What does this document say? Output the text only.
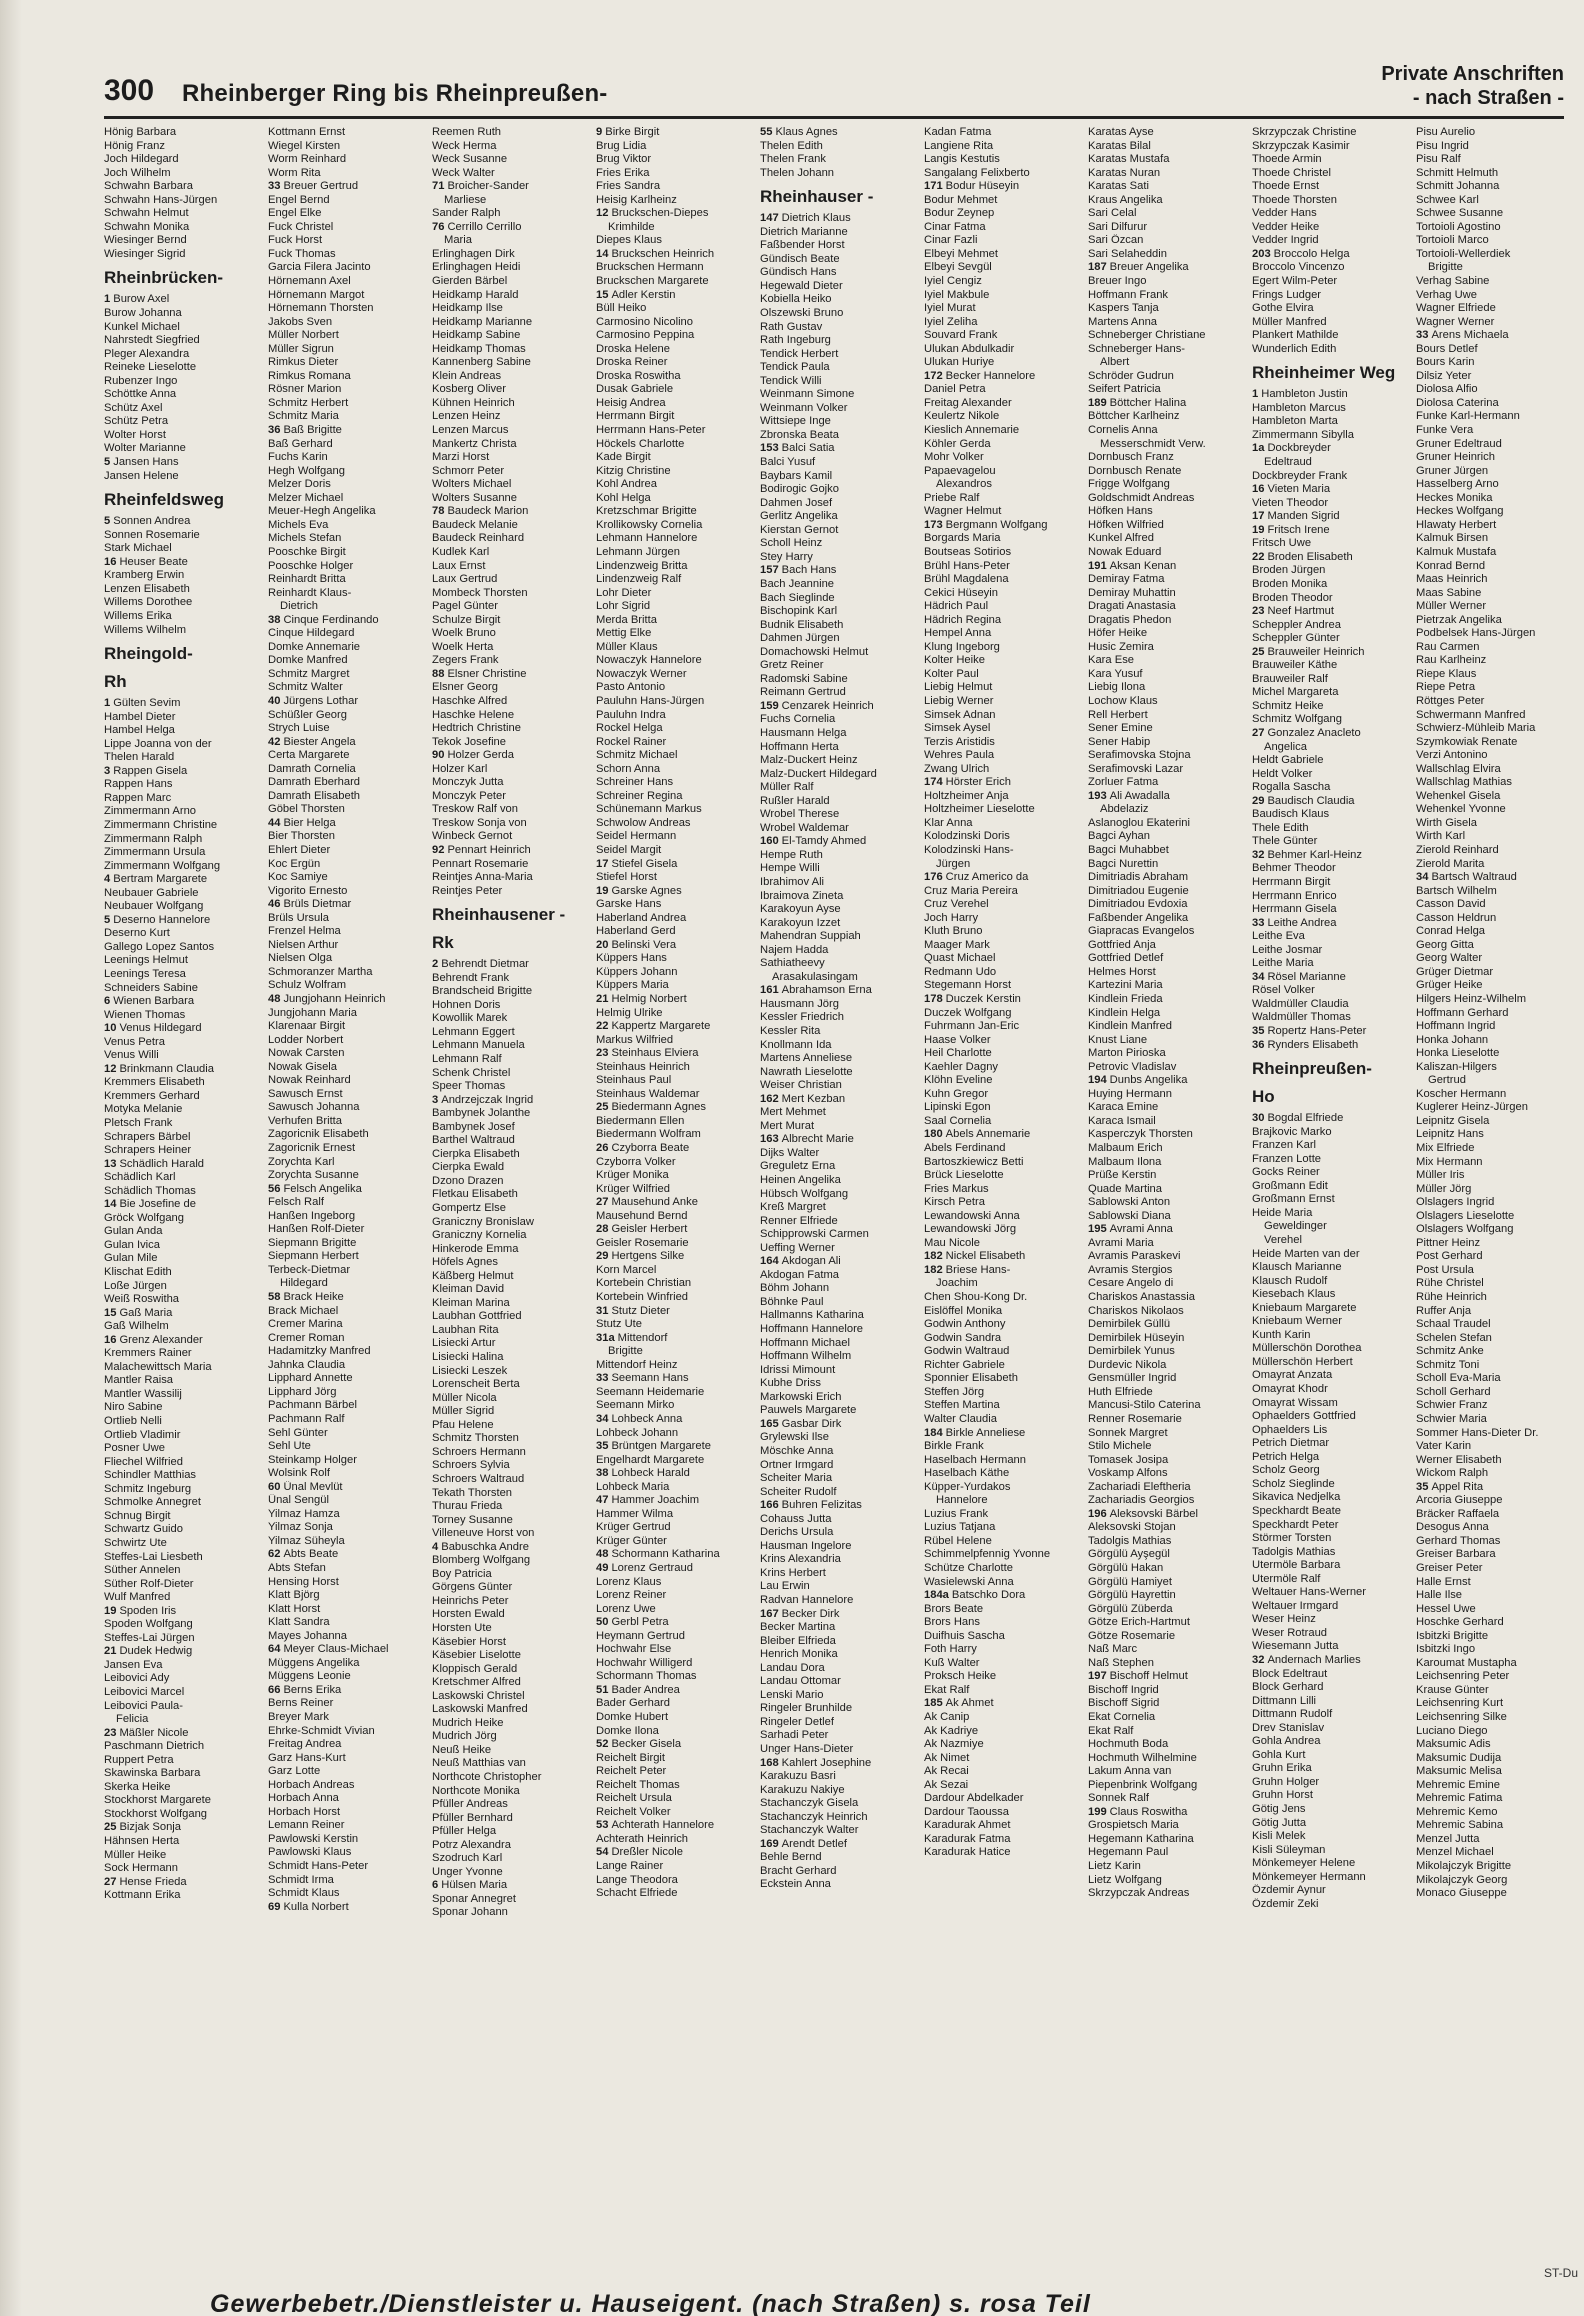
300 Rheinberger Ring bis Rheinpreußen-
Private Anschriften
- nach Straßen -
Hönig Barbara
Hönig Franz
Joch Hildegard
Joch Wilhelm
Schwahn Barbara
Schwahn Hans-Jürgen
Schwahn Helmut
Schwahn Monika
Wiesinger Bernd
Wiesinger Sigrid
Rheinbrücken-
1 Burow Axel
Burow Johanna
Kunkel Michael
Nahrstedt Siegfried
Pleger Alexandra
Reineke Lieselotte
Rubenzer Ingo
Schöttke Anna
Schütz Axel
Schütz Petra
Wolter Horst
Wolter Marianne
5 Jansen Hans
Jansen Helene
Rheinfeldsweg
5 Sonnen Andrea
Sonnen Rosemarie
Stark Michael
16 Heuser Beate
Kramberg Erwin
Lenzen Elisabeth
Willems Dorothee
Willems Erika
Willems Wilhelm
Rheingold-
Rh
1 Gülten Sevim
Hambel Dieter
Hambel Helga
Lippe Joanna von der
Thelen Harald
3 Rappen Gisela
Rappen Hans
Rappen Marc
Zimmermann Arno
Zimmermann Christine
Zimmermann Ralph
Zimmermann Ursula
Zimmermann Wolfgang
4 Bertram Margarete
Neubauer Gabriele
Neubauer Wolfgang
5 Deserno Hannelore
Deserno Kurt
Gallego Lopez Santos
Leenings Helmut
Leenings Teresa
Schneiders Sabine
6 Wienen Barbara
Wienen Thomas
10 Venus Hildegard
Venus Petra
Venus Willi
12 Brinkmann Claudia
Kremmers Elisabeth
Kremmers Gerhard
Motyka Melanie
Pletsch Frank
Schrapers Bärbel
Schrapers Heiner
13 Schädlich Harald
Schädlich Karl
Schädlich Thomas
14 Bie Josefine de
Gröck Wolfgang
Gulan Anda
Gulan Ivica
Gulan Mile
Klischat Edith
Loße Jürgen
Weiß Roswitha
15 Gaß Maria
Gaß Wilhelm
16 Grenz Alexander
Kremmers Rainer
Malachewittsch Maria
Mantler Raisa
Mantler Wassilij
Niro Sabine
Ortlieb Nelli
Ortlieb Vladimir
Posner Uwe
Fliechel Wilfried
Schindler Matthias
Schmitz Ingeburg
Schmolke Annegret
Schnug Birgit
Schwartz Guido
Schwirtz Ute
Steffes-Lai Liesbeth
Süther Annelen
Süther Rolf-Dieter
Wulf Manfred
19 Spoden Iris
Spoden Wolfgang
Steffes-Lai Jürgen
21 Dudek Hedwig
Jansen Eva
Leibovici Ady
Leibovici Marcel
Leibovici Paula-
Felicia
23 Mäßler Nicole
Paschmann Dietrich
Ruppert Petra
Skawinska Barbara
Skerka Heike
Stockhorst Margarete
Stockhorst Wolfgang
25 Bizjak Sonja
Hähnsen Herta
Müller Heike
Sock Hermann
27 Hense Frieda
Kottmann Erika
Kottmann Ernst
Wiegel Kirsten
Worm Reinhard
Worm Rita
33 Breuer Gertrud
Engel Bernd
Engel Elke
Fuck Christel
Fuck Horst
Fuck Thomas
Garcia Filera Jacinto
Hörnemann Axel
Hörnemann Margot
Hörnemann Thorsten
Jakobs Sven
Müller Norbert
Müller Sigrun
Rimkus Dieter
Rimkus Romana
Rösner Marion
Schmitz Herbert
Schmitz Maria
36 Baß Brigitte
Baß Gerhard
Fuchs Karin
Hegh Wolfgang
Melzer Doris
Melzer Michael
Meuer-Hegh Angelika
Michels Eva
Michels Stefan
Pooschke Birgit
Pooschke Holger
Reinhardt Britta
Reinhardt Klaus-
Dietrich
38 Cinque Ferdinando
Cinque Hildegard
Domke Annemarie
Domke Manfred
Schmitz Margret
Schmitz Walter
40 Jürgens Lothar
Schüßler Georg
Strych Luise
42 Biester Angela
Certa Margarete
Damrath Cornelia
Damrath Eberhard
Damrath Elisabeth
Göbel Thorsten
44 Bier Helga
Bier Thorsten
Ehlert Dieter
Koc Ergün
Koc Samiye
Vigorito Ernesto
46 Brüls Dietmar
Brüls Ursula
Frenzel Helma
Nielsen Arthur
Nielsen Olga
Schmoranzer Martha
Schulz Wolfram
48 Jungjohann Heinrich
Jungjohann Maria
Klarenaar Birgit
Lodder Norbert
Nowak Carsten
Nowak Gisela
Nowak Reinhard
Sawusch Ernst
Sawusch Johanna
Verhufen Britta
Zagoricnik Elisabeth
Zagoricnik Ernest
Zorychta Karl
Zorychta Susanne
56 Felsch Angelika
Felsch Ralf
Hanßen Ingeborg
Hanßen Rolf-Dieter
Siepmann Brigitte
Siepmann Herbert
Terbeck-Dietmar
Hildegard
58 Brack Heike
Brack Michael
Cremer Marina
Cremer Roman
Hadamitzky Manfred
Jahnka Claudia
Lipphard Annette
Lipphard Jörg
Pachmann Bärbel
Pachmann Ralf
Sehl Günter
Sehl Ute
Steinkamp Holger
Wolsink Rolf
60 Ünal Mevlüt
Ünal Sengül
Yilmaz Hamza
Yilmaz Sonja
Yilmaz Süheyla
62 Abts Beate
Abts Stefan
Hensing Horst
Klatt Björg
Klatt Horst
Klatt Sandra
Mayes Johanna
64 Meyer Claus-Michael
Müggens Angelika
Müggens Leonie
66 Berns Erika
Berns Reiner
Breyer Mark
Ehrke-Schmidt Vivian
Freitag Andrea
Garz Hans-Kurt
Garz Lotte
Horbach Andreas
Horbach Anna
Horbach Horst
Lemann Reiner
Pawlowski Kerstin
Pawlowski Klaus
Schmidt Hans-Peter
Schmidt Irma
Schmidt Klaus
69 Kulla Norbert
Reemen Ruth
Weck Herma
Weck Susanne
Weck Walter
71 Broicher-Sander
Marliese
Sander Ralph
76 Cerrillo Cerrillo
Maria
Erlinghagen Dirk
Erlinghagen Heidi
Gierden Bärbel
Heidkamp Harald
Heidkamp Ilse
Heidkamp Marianne
Heidkamp Sabine
Heidkamp Thomas
Kannenberg Sabine
Klein Andreas
Kosberg Oliver
Kühnen Heinrich
Lenzen Heinz
Lenzen Marcus
Mankertz Christa
Marzi Horst
Schmorr Peter
Wolters Michael
Wolters Susanne
78 Baudeck Marion
Baudeck Melanie
Baudeck Reinhard
Kudlek Karl
Laux Ernst
Laux Gertrud
Mombeck Thorsten
Pagel Günter
Schulze Birgit
Woelk Bruno
Woelk Herta
Zegers Frank
88 Elsner Christine
Elsner Georg
Haschke Alfred
Haschke Helene
Hedtrich Christine
Tekok Josefine
90 Holzer Gerda
Holzer Karl
Monczyk Jutta
Monczyk Peter
Treskow Ralf von
Treskow Sonja von
Winbeck Gernot
92 Pennart Heinrich
Pennart Rosemarie
Reintjes Anna-Maria
Reintjes Peter
Rheinhausener -
Rk
2 Behrendt Dietmar
Behrendt Frank
Brandscheid Brigitte
Hohnen Doris
Kowollik Marek
Lehmann Eggert
Lehmann Manuela
Lehmann Ralf
Schenk Christel
Speer Thomas
3 Andrzejczak Ingrid
Bambynek Jolanthe
Bambynek Josef
Barthel Waltraud
Cierpka Elisabeth
Cierpka Ewald
Dzono Drazen
Fletkau Elisabeth
Gompertz Else
Graniczny Bronislaw
Graniczny Kornelia
Hinkerode Emma
Höfels Agnes
Käßberg Helmut
Kleiman David
Kleiman Marina
Laubhan Gottfried
Laubhan Rita
Lisiecki Artur
Lisiecki Halina
Lisiecki Leszek
Lorenscheit Berta
Müller Nicola
Müller Sigrid
Pfau Helene
Schmitz Thorsten
Schroers Hermann
Schroers Sylvia
Schroers Waltraud
Tekath Thorsten
Thurau Frieda
Torney Susanne
Villeneuve Horst von
4 Babuschka Andre
Blomberg Wolfgang
Boy Patricia
Görgens Günter
Heinrichs Peter
Horsten Ewald
Horsten Ute
Käsebier Horst
Käsebier Liselotte
Kloppisch Gerald
Kretschmer Alfred
Laskowski Christel
Laskowski Manfred
Mudrich Heike
Mudrich Jörg
Neuß Heike
Neuß Matthias van
Northcote Christopher
Northcote Monika
Pfüller Andreas
Pfüller Bernhard
Pfüller Helga
Potrz Alexandra
Szodruch Karl
Unger Yvonne
6 Hülsen Maria
Sponar Annegret
Sponar Johann
9 Birke Birgit
Brug Lidia
Brug Viktor
Fries Erika
Fries Sandra
Heisig Karlheinz
12 Bruckschen-Diepes
Krimhilde
Diepes Klaus
14 Bruckschen Heinrich
Bruckschen Hermann
Bruckschen Margarete
15 Adler Kerstin
Büll Heiko
Carmosino Nicolino
Carmosino Peppina
Droska Helene
Droska Reiner
Droska Roswitha
Dusak Gabriele
Heisig Andrea
Herrmann Birgit
Herrmann Hans-Peter
Höckels Charlotte
Kade Birgit
Kitzig Christine
Kohl Andrea
Kohl Helga
Kretzschmar Brigitte
Krollikowsky Cornelia
Lehmann Hannelore
Lehmann Jürgen
Lindenzweig Britta
Lindenzweig Ralf
Lohr Dieter
Lohr Sigrid
Merda Britta
Mettig Elke
Müller Klaus
Nowaczyk Hannelore
Nowaczyk Werner
Pasto Antonio
Pauluhn Hans-Jürgen
Pauluhn Indra
Rockel Helga
Rockel Rainer
Schmitz Michael
Schorn Anna
Schreiner Hans
Schreiner Regina
Schünemann Markus
Schwolow Andreas
Seidel Hermann
Seidel Margit
17 Stiefel Gisela
Stiefel Horst
19 Garske Agnes
Garske Hans
Haberland Andrea
Haberland Gerd
20 Belinski Vera
Küppers Hans
Küppers Johann
Küppers Maria
21 Helmig Norbert
Helmig Ulrike
22 Kappertz Margarete
Markus Wilfried
23 Steinhaus Elviera
Steinhaus Heinrich
Steinhaus Paul
Steinhaus Waldemar
25 Biedermann Agnes
Biedermann Ellen
Biedermann Wolfram
26 Czyborra Beate
Czyborra Volker
Krüger Monika
Krüger Wilfried
27 Mausehund Anke
Mausehund Bernd
28 Geisler Herbert
Geisler Rosemarie
29 Hertgens Silke
Korn Marcel
Kortebein Christian
Kortebein Winfried
31 Stutz Dieter
Stutz Ute
31a Mittendorf
Brigitte
Mittendorf Heinz
33 Seemann Hans
Seemann Heidemarie
Seemann Mirko
34 Lohbeck Anna
Lohbeck Johann
35 Brüntgen Margarete
Engelhardt Margarete
38 Lohbeck Harald
Lohbeck Maria
47 Hammer Joachim
Hammer Wilma
Krüger Gertrud
Krüger Günter
48 Schormann Katharina
49 Lorenz Gertraud
Lorenz Klaus
Lorenz Reiner
Lorenz Uwe
50 Gerbl Petra
Heymann Gertrud
Hochwahr Else
Hochwahr Willigerd
Schormann Thomas
51 Bader Andrea
Bader Gerhard
Domke Hubert
Domke Ilona
52 Becker Gisela
Reichelt Birgit
Reichelt Peter
Reichelt Thomas
Reichelt Ursula
Reichelt Volker
53 Achterath Hannelore
Achterath Heinrich
54 Dreßler Nicole
Lange Rainer
Lange Theodora
Schacht Elfriede
55 Klaus Agnes
Thelen Edith
Thelen Frank
Thelen Johann
Rheinhauser -
147 Dietrich Klaus
Dietrich Marianne
Faßbender Horst
Gündisch Beate
Gündisch Hans
Hegewald Dieter
Kobiella Heiko
Olszewski Bruno
Rath Gustav
Rath Ingeburg
Tendick Herbert
Tendick Paula
Tendick Willi
Weinmann Simone
Weinmann Volker
Wittsiepe Inge
Zbronska Beata
153 Balci Satia
Balci Yusuf
Baybars Kamil
Bodirogic Gojko
Dahmen Josef
Gerlitz Angelika
Kierstan Gernot
Scholl Heinz
Stey Harry
157 Bach Hans
Bach Jeannine
Bach Sieglinde
Bischopink Karl
Budnik Elisabeth
Dahmen Jürgen
Domachowski Helmut
Gretz Reiner
Radomski Sabine
Reimann Gertrud
159 Cenzarek Heinrich
Fuchs Cornelia
Hausmann Helga
Hoffmann Herta
Malz-Duckert Heinz
Malz-Duckert Hildegard
Müller Ralf
Rußler Harald
Wrobel Therese
Wrobel Waldemar
160 El-Tamdy Ahmed
Hempe Ruth
Hempe Willi
Ibrahimov Ali
Ibraimova Zineta
Karakoyun Ayse
Karakoyun Izzet
Mahendran Suppiah
Najem Hadda
Sathiatheevy
Arasakulasingam
161 Abrahamson Erna
Hausmann Jörg
Kessler Friedrich
Kessler Rita
Knollmann Ida
Martens Anneliese
Nawrath Lieselotte
Weiser Christian
162 Mert Kezban
Mert Mehmet
Mert Murat
163 Albrecht Marie
Dijks Walter
Greguletz Erna
Heinen Angelika
Hübsch Wolfgang
Kreß Margret
Renner Elfriede
Schipprowski Carmen
Ueffing Werner
164 Akdogan Ali
Akdogan Fatma
Böhm Johann
Böhnke Paul
Hallmanns Katharina
Hoffmann Hannelore
Hoffmann Michael
Hoffmann Wilhelm
Idrissi Mimount
Kubhe Driss
Markowski Erich
Pauwels Margarete
165 Gasbar Dirk
Grylewski Ilse
Möschke Anna
Ortner Irmgard
Scheiter Maria
Scheiter Rudolf
166 Buhren Felizitas
Cohauss Jutta
Derichs Ursula
Hausman Ingelore
Krins Alexandria
Krins Herbert
Lau Erwin
Radvan Hannelore
167 Becker Dirk
Becker Martina
Bleiber Elfrieda
Henrich Monika
Landau Dora
Landau Ottomar
Lenski Mario
Ringeler Brunhilde
Ringeler Detlef
Sarhadi Peter
Unger Hans-Dieter
168 Kahlert Josephine
Karakuzu Basri
Karakuzu Nakiye
Stachanczyk Gisela
Stachanczyk Heinrich
Stachanczyk Walter
169 Arendt Detlef
Behle Bernd
Bracht Gerhard
Eckstein Anna
Kadan Fatma
Langiene Rita
Langis Kestutis
Sangalang Felixberto
171 Bodur Hüseyin
Bodur Mehmet
Bodur Zeynep
Cinar Fatma
Cinar Fazli
Elbeyi Mehmet
Elbeyi Sevgül
Iyiel Cengiz
Iyiel Makbule
Iyiel Murat
Iyiel Zeliha
Souvard Frank
Ulukan Abdulkadir
Ulukan Huriye
172 Becker Hannelore
Daniel Petra
Freitag Alexander
Keulertz Nikole
Kieslich Annemarie
Köhler Gerda
Mohr Volker
Papaevagelou
Alexandros
Priebe Ralf
Wagner Helmut
173 Bergmann Wolfgang
Borgards Maria
Boutseas Sotirios
Brühl Hans-Peter
Brühl Magdalena
Cekici Hüseyin
Hädrich Paul
Hädrich Regina
Hempel Anna
Klung Ingeborg
Kolter Heike
Kolter Paul
Liebig Helmut
Liebig Werner
Simsek Adnan
Simsek Aysel
Terzis Aristidis
Wehres Paula
Zwang Ulrich
174 Hörster Erich
Holtzheimer Anja
Holtzheimer Lieselotte
Klar Anna
Kolodzinski Doris
Kolodzinski Hans-
Jürgen
176 Cruz Americo da
Cruz Maria Pereira
Cruz Verehel
Joch Harry
Kluth Bruno
Maager Mark
Quast Michael
Redmann Udo
Stegemann Horst
178 Duczek Kerstin
Duczek Wolfgang
Fuhrmann Jan-Eric
Haase Volker
Heil Charlotte
Kaehler Dagny
Klöhn Eveline
Kuhn Gregor
Lipinski Egon
Saal Cornelia
180 Abels Annemarie
Abels Ferdinand
Bartoszkiewicz Betti
Brück Lieselotte
Fries Markus
Kirsch Petra
Lewandowski Anna
Lewandowski Jörg
Mau Nicole
182 Nickel Elisabeth
182 Briese Hans-
Joachim
Chen Shou-Kong Dr.
Eislöffel Monika
Godwin Anthony
Godwin Sandra
Godwin Waltraud
Richter Gabriele
Sponnier Elisabeth
Steffen Jörg
Steffen Martina
Walter Claudia
184 Birkle Anneliese
Birkle Frank
Haselbach Hermann
Haselbach Käthe
Küpper-Yurdakos
Hannelore
Luzius Frank
Luzius Tatjana
Rübel Helene
Schimmelpfennig Yvonne
Schütze Charlotte
Wasielewski Anna
184a Batschko Dora
Brors Beate
Brors Hans
Duifhuis Sascha
Foth Harry
Kuß Walter
Proksch Heike
Ekat Ralf
185 Ak Ahmet
Ak Canip
Ak Kadriye
Ak Nazmiye
Ak Nimet
Ak Recai
Ak Sezai
Dardour Abdelkader
Dardour Taoussa
Karadurak Ahmet
Karadurak Fatma
Karadurak Hatice
Karatas Ayse
Karatas Bilal
Karatas Mustafa
Karatas Nuran
Karatas Sati
Kraus Angelika
Sari Celal
Sari Dilfurur
Sari Özcan
Sari Selaheddin
187 Breuer Angelika
Breuer Ingo
Hoffmann Frank
Kaspers Tanja
Martens Anna
Schneberger Christiane
Schneberger Hans-
Albert
Schröder Gudrun
Seifert Patricia
189 Böttcher Halina
Böttcher Karlheinz
Cornelis Anna
Messerschmidt Verw.
Dornbusch Franz
Dornbusch Renate
Frigge Wolfgang
Goldschmidt Andreas
Höfken Hans
Höfken Wilfried
Kunkel Alfred
Nowak Eduard
191 Aksan Kenan
Demiray Fatma
Demiray Muhattin
Dragati Anastasia
Dragatis Phedon
Höfer Heike
Husic Zemira
Kara Ese
Kara Yusuf
Liebig Ilona
Lochow Klaus
Rell Herbert
Sener Emine
Sener Habip
Serafimovska Stojna
Serafimovski Lazar
Zorluer Fatma
193 Ali Awadalla
Abdelaziz
Aslanoglou Ekaterini
Bagci Ayhan
Bagci Muhabbet
Bagci Nurettin
Dimitriadis Abraham
Dimitriadou Eugenie
Dimitriadou Evdoxia
Faßbender Angelika
Giapracas Evangelos
Gottfried Anja
Gottfried Detlef
Helmes Horst
Kartezini Maria
Kindlein Frieda
Kindlein Helga
Kindlein Manfred
Knust Liane
Marton Pirioska
Petrovic Vladislav
194 Dunbs Angelika
Huying Hermann
Karaca Emine
Karaca Ismail
Kasperczyk Thorsten
Malbaum Erich
Malbaum Ilona
Prüße Kerstin
Quade Martina
Sablowski Anton
Sablowski Diana
195 Avrami Anna
Avrami Maria
Avramis Paraskevi
Avramis Stergios
Cesare Angelo di
Chariskos Anastassia
Chariskos Nikolaos
Demirbilek Güllü
Demirbilek Hüseyin
Demirbilek Yunus
Durdevic Nikola
Gensmüller Ingrid
Huth Elfriede
Mancusi-Stilo Caterina
Renner Rosemarie
Sonnek Margret
Stilo Michele
Tomasek Josipa
Voskamp Alfons
Zachariadi Eleftheria
Zachariadis Georgios
196 Aleksovski Bärbel
Aleksovski Stojan
Tadolgis Mathias
Görgülü Ayşegül
Görgülü Hakan
Görgülü Hamiyet
Görgülü Hayrettin
Görgülü Züberda
Götze Erich-Hartmut
Götze Rosemarie
Naß Marc
Naß Stephen
197 Bischoff Helmut
Bischoff Ingrid
Bischoff Sigrid
Ekat Cornelia
Ekat Ralf
Hochmuth Boda
Hochmuth Wilhelmine
Lakum Anna van
Piepenbrink Wolfgang
Sonnek Ralf
199 Claus Roswitha
Grospietsch Maria
Hegemann Katharina
Hegemann Paul
Lietz Karin
Lietz Wolfgang
Skrzypczak Andreas
Skrzypczak Christine
Skrzypczak Kasimir
Thoede Armin
Thoede Christel
Thoede Ernst
Thoede Thorsten
Vedder Hans
Vedder Heike
Vedder Ingrid
203 Broccolo Helga
Broccolo Vincenzo
Egert Wilm-Peter
Frings Ludger
Gothe Elvira
Müller Manfred
Plankert Mathilde
Wunderlich Edith
Rheinheimer Weg
1 Hambleton Justin
Hambleton Marcus
Hambleton Marta
Zimmermann Sibylla
1a Dockbreyder
Edeltraud
Dockbreyder Frank
16 Vieten Maria
Vieten Theodor
17 Manden Sigrid
19 Fritsch Irene
Fritsch Uwe
22 Broden Elisabeth
Broden Jürgen
Broden Monika
Broden Theodor
23 Neef Hartmut
Scheppler Andrea
Scheppler Günter
25 Brauweiler Heinrich
Brauweiler Käthe
Brauweiler Ralf
Michel Margareta
Schmitz Heike
Schmitz Wolfgang
27 Gonzalez Anacleto
Angelica
Heldt Gabriele
Heldt Volker
Rogalla Sascha
29 Baudisch Claudia
Baudisch Klaus
Thele Edith
Thele Günter
32 Behmer Karl-Heinz
Behmer Theodor
Herrmann Birgit
Herrmann Enrico
Herrmann Gisela
33 Leithe Andrea
Leithe Eva
Leithe Josmar
Leithe Maria
34 Rösel Marianne
Rösel Volker
Waldmüller Claudia
Waldmüller Thomas
35 Ropertz Hans-Peter
36 Rynders Elisabeth
Rheinpreußen-
Ho
30 Bogdal Elfriede
Brajkovic Marko
Franzen Karl
Franzen Lotte
Gocks Reiner
Großmann Edit
Großmann Ernst
Heide Maria
Geweldinger
Verehel
Heide Marten van der
Klausch Marianne
Klausch Rudolf
Kiesebach Klaus
Kniebaum Margarete
Kniebaum Werner
Kunth Karin
Müllerschön Dorothea
Müllerschön Herbert
Omayrat Anzata
Omayrat Khodr
Omayrat Wissam
Ophaelders Gottfried
Ophaelders Lis
Petrich Dietmar
Petrich Helga
Scholz Georg
Scholz Sieglinde
Sikavica Nedjelka
Speckhardt Beate
Speckhardt Peter
Störmer Torsten
Tadolgis Mathias
Utermöle Barbara
Utermöle Ralf
Weltauer Hans-Werner
Weltauer Irmgard
Weser Heinz
Weser Rotraud
Wiesemann Jutta
32 Andernach Marlies
Block Edeltraut
Block Gerhard
Dittmann Lilli
Dittmann Rudolf
Drev Stanislav
Gohla Andrea
Gohla Kurt
Gruhn Erika
Gruhn Holger
Gruhn Horst
Götig Jens
Götig Jutta
Kisli Melek
Kisli Süleyman
Mönkemeyer Helene
Mönkemeyer Hermann
Özdemir Aynur
Özdemir Zeki
Pisu Aurelio
Pisu Ingrid
Pisu Ralf
Schmitt Helmuth
Schmitt Johanna
Schwee Karl
Schwee Susanne
Tortoioli Agostino
Tortoioli Marco
Tortoioli-Wellerdiek
Brigitte
Verhag Sabine
Verhag Uwe
Wagner Elfriede
Wagner Werner
33 Arens Michaela
Bours Detlef
Bours Karin
Dilsiz Yeter
Diolosa Alfio
Diolosa Caterina
Funke Karl-Hermann
Funke Vera
Gruner Edeltraud
Gruner Heinrich
Gruner Jürgen
Hasselberg Arno
Heckes Monika
Heckes Wolfgang
Hlawaty Herbert
Kalmuk Birsen
Kalmuk Mustafa
Konrad Bernd
Maas Heinrich
Maas Sabine
Müller Werner
Pietrzak Angelika
Podbelsek Hans-Jürgen
Rau Carmen
Rau Karlheinz
Riepe Klaus
Riepe Petra
Röttges Peter
Schwermann Manfred
Schwierz-Mühleib Maria
Szymkowiak Renate
Verzi Antonino
Wallschlag Elvira
Wallschlag Mathias
Wehenkel Gisela
Wehenkel Yvonne
Wirth Gisela
Wirth Karl
Zierold Reinhard
Zierold Marita
34 Bartsch Waltraud
Bartsch Wilhelm
Casson David
Casson Heldrun
Conrad Helga
Georg Gitta
Georg Walter
Grüger Dietmar
Grüger Heike
Hilgers Heinz-Wilhelm
Hoffmann Gerhard
Hoffmann Ingrid
Honka Johann
Honka Lieselotte
Kaliszan-Hilgers
Gertrud
Koscher Hermann
Kuglerer Heinz-Jürgen
Leipnitz Gisela
Leipnitz Hans
Mix Elfriede
Mix Hermann
Müller Iris
Müller Jörg
Olslagers Ingrid
Olslagers Lieselotte
Olslagers Wolfgang
Pittner Heinz
Post Gerhard
Post Ursula
Rühe Christel
Rühe Heinrich
Ruffer Anja
Schaal Traudel
Schelen Stefan
Schmitz Anke
Schmitz Toni
Scholl Eva-Maria
Scholl Gerhard
Schwier Franz
Schwier Maria
Sommer Hans-Dieter Dr.
Vater Karin
Werner Elisabeth
Wickom Ralph
35 Appel Rita
Arcoria Giuseppe
Bräcker Raffaela
Desogus Anna
Gerhard Thomas
Greiser Barbara
Greiser Peter
Halle Ernst
Halle Ilse
Hessel Uwe
Hoschke Gerhard
Isbitzki Brigitte
Isbitzki Ingo
Karoumat Mustapha
Leichsenring Peter
Krause Günter
Leichsenring Kurt
Leichsenring Silke
Luciano Diego
Maksumic Adis
Maksumic Dudija
Maksumic Melisa
Mehremic Emine
Mehremic Fatima
Mehremic Kemo
Mehremic Sabina
Menzel Jutta
Menzel Michael
Mikolajczyk Brigitte
Mikolajczyk Georg
Monaco Giuseppe
Gewerbebetr./Dienstleister u. Hauseigent. (nach Straßen) s. rosa Teil
ST-Du
